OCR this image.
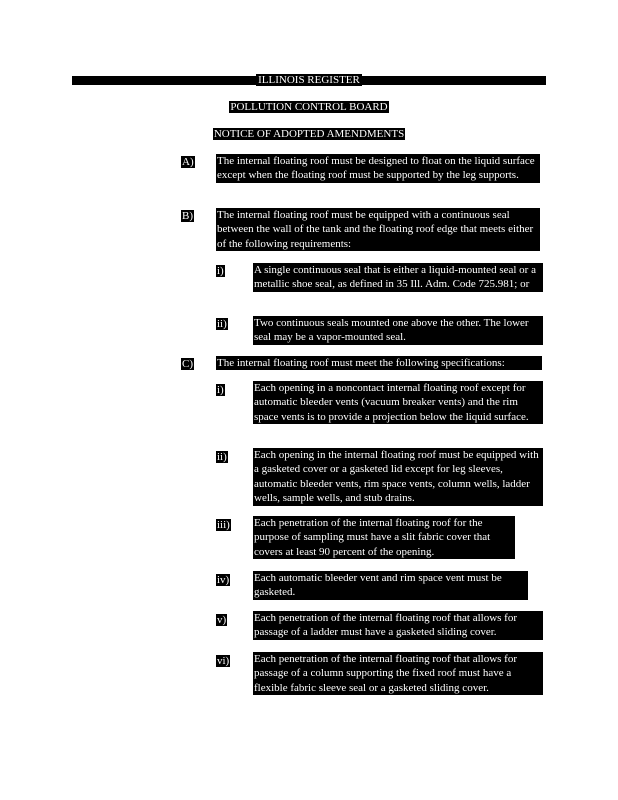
ILLINOIS REGISTER
POLLUTION CONTROL BOARD
NOTICE OF ADOPTED AMENDMENTS
A) The internal floating roof must be designed to float on the liquid surface except when the floating roof must be supported by the leg supports.
B) The internal floating roof must be equipped with a continuous seal between the wall of the tank and the floating roof edge that meets either of the following requirements:
i)	A single continuous seal that is either a liquid-mounted seal or a metallic shoe seal, as defined in 35 Ill. Adm. Code 725.981; or
ii) Two continuous seals mounted one above the other. The lower seal may be a vapor-mounted seal.
C) The internal floating roof must meet the following specifications:
i)	Each opening in a noncontact internal floating roof except for automatic bleeder vents (vacuum breaker vents) and the rim space vents is to provide a projection below the liquid surface.
ii) Each opening in the internal floating roof must be equipped with a gasketed cover or a gasketed lid except for leg sleeves, automatic bleeder vents, rim space vents, column wells, ladder wells, sample wells, and stub drains.
iii) Each penetration of the internal floating roof for the purpose of sampling must have a slit fabric cover that covers at least 90 percent of the opening.
iv) Each automatic bleeder vent and rim space vent must be gasketed.
v)	Each penetration of the internal floating roof that allows for passage of a ladder must have a gasketed sliding cover.
vi) Each penetration of the internal floating roof that allows for passage of a column supporting the fixed roof must have a flexible fabric sleeve seal or a gasketed sliding cover.
